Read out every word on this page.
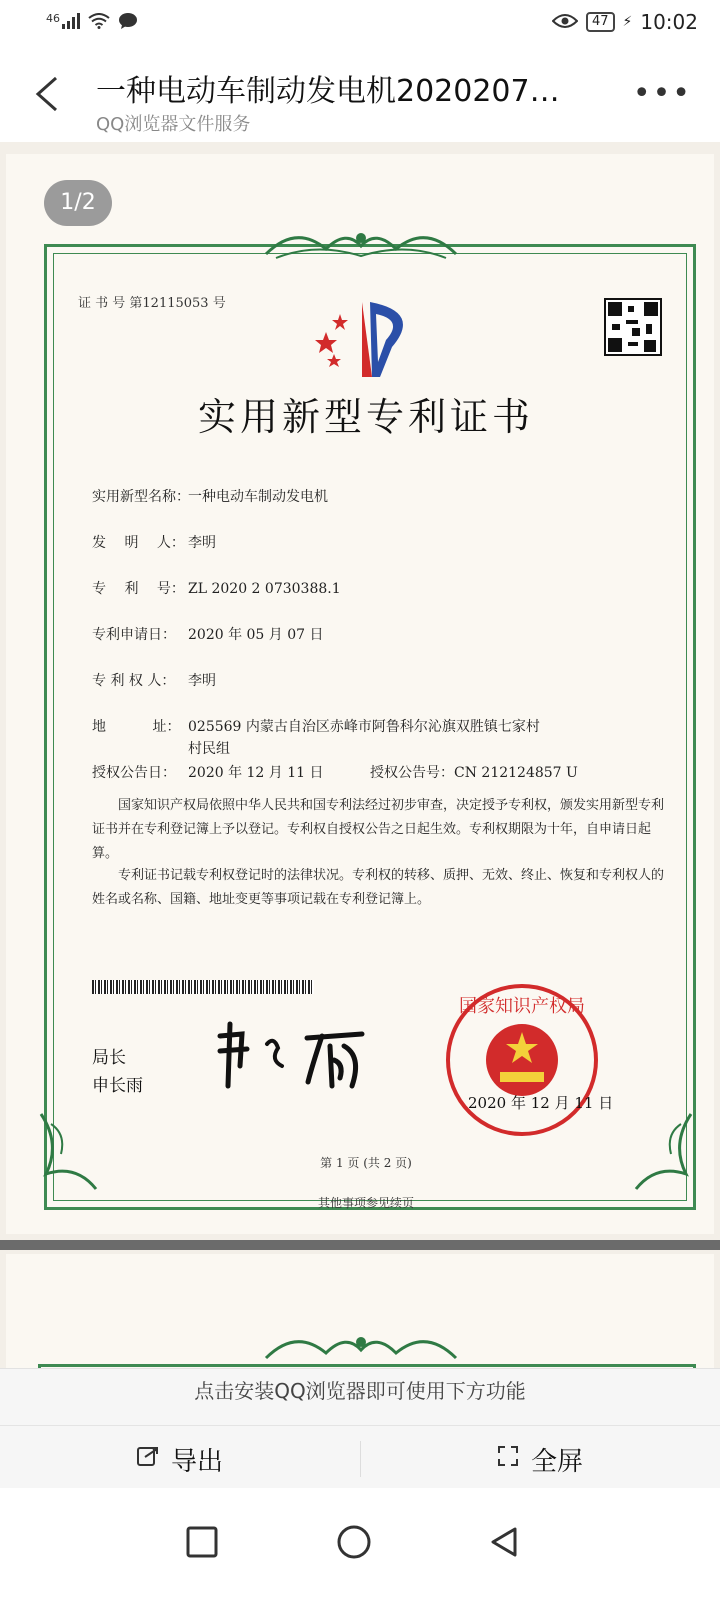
46	47	⚡ 10:02
一种电动车制动发电机2020207…
QQ浏览器文件服务
•••
1/2
证 书 号 第12115053 号
实用新型专利证书
实用新型名称：一种电动车制动发电机
发　 明　 人： 李明
专　 利　 号： ZL 2020 2 0730388.1
专利申请日： 2020 年 05 月 07 日
专 利 权 人： 李明
地　　　 址： 025569 内蒙古自治区赤峰市阿鲁科尔沁旗双胜镇七家村
村民组
授权公告日： 2020 年 12 月 11 日	授权公告号：CN 212124857 U
国家知识产权局依照中华人民共和国专利法经过初步审查，决定授予专利权，颁发实用新型专利证书并在专利登记簿上予以登记。专利权自授权公告之日起生效。专利权期限为十年，自申请日起算。
专利证书记载专利权登记时的法律状况。专利权的转移、质押、无效、终止、恢复和专利权人的姓名或名称、国籍、地址变更等事项记载在专利登记簿上。
局长
申长雨
国家知识产权局
2020 年 12 月 11 日
第 1 页 (共 2 页)
其他事项参见续页
点击安装QQ浏览器即可使用下方功能
导出	全屏
